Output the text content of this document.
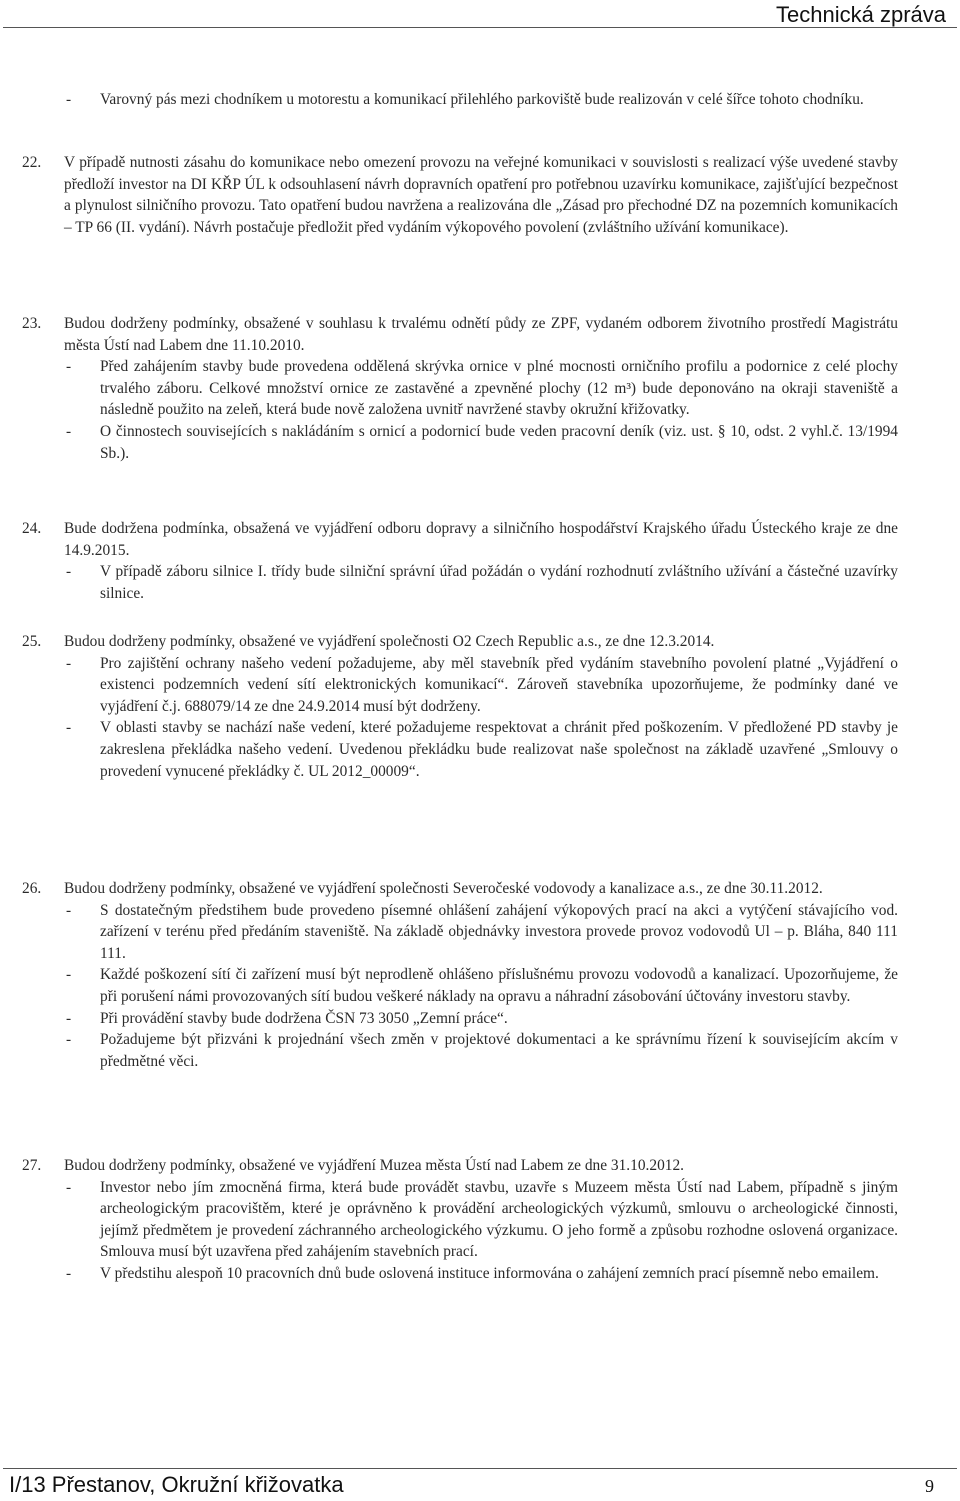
Technická zpráva
-	Varovný pás mezi chodníkem u motorestu a komunikací přilehlého parkoviště bude realizován v celé šířce tohoto chodníku.
22.	V případě nutnosti zásahu do komunikace nebo omezení provozu na veřejné komunikaci v souvislosti s realizací výše uvedené stavby předloží investor na DI KŘP ÚL k odsouhlasení návrh dopravních opatření pro potřebnou uzavírku komunikace, zajišťující bezpečnost a plynulost silničního provozu. Tato opatření budou navržena a realizována dle „Zásad pro přechodné DZ na pozemních komunikacích – TP 66 (II. vydání). Návrh postačuje předložit před vydáním výkopového povolení (zvláštního užívání komunikace).
23.	Budou dodrženy podmínky, obsažené v souhlasu k trvalému odnětí půdy ze ZPF, vydaném odborem životního prostředí Magistrátu města Ústí nad Labem dne 11.10.2010.
-	Před zahájením stavby bude provedena oddělená skrývka ornice v plné mocnosti orničního profilu a podornice z celé plochy trvalého záboru. Celkové množství ornice ze zastavěné a zpevněné plochy (12 m³) bude deponováno na okraji staveniště a následně použito na zeleň, která bude nově založena uvnitř navržené stavby okružní křižovatky.
-	O činnostech souvisejících s nakládáním s ornicí a podornicí bude veden pracovní deník (viz. ust. § 10, odst. 2 vyhl.č. 13/1994 Sb.).
24.	Bude dodržena podmínka, obsažená ve vyjádření odboru dopravy a silničního hospodářství Krajského úřadu Ústeckého kraje ze dne 14.9.2015.
-	V případě záboru silnice I. třídy bude silniční správní úřad požádán o vydání rozhodnutí zvláštního užívání a částečné uzavírky silnice.
25.	Budou dodrženy podmínky, obsažené ve vyjádření společnosti O2 Czech Republic a.s., ze dne 12.3.2014.
-	Pro zajištění ochrany našeho vedení požadujeme, aby měl stavebník před vydáním stavebního povolení platné „Vyjádření o existenci podzemních vedení sítí elektronických komunikací“. Zároveň stavebníka upozorňujeme, že podmínky dané ve vyjádření č.j. 688079/14 ze dne 24.9.2014 musí být dodrženy.
-	V oblasti stavby se nachází naše vedení, které požadujeme respektovat a chránit před poškozením. V předložené PD stavby je zakreslena překládka našeho vedení. Uvedenou překládku bude realizovat naše společnost na základě uzavřené „Smlouvy o provedení vynucené překládky č. UL 2012_00009“.
26.	Budou dodrženy podmínky, obsažené ve vyjádření společnosti Severočeské vodovody a kanalizace a.s., ze dne 30.11.2012.
-	S dostatečným předstihem bude provedeno písemné ohlášení zahájení výkopových prací na akci a vytýčení stávajícího vod. zařízení v terénu před předáním staveniště. Na základě objednávky investora provede provoz vodovodů Ul – p. Bláha, 840 111 111.
-	Každé poškození sítí či zařízení musí být neprodleně ohlášeno příslušnému provozu vodovodů a kanalizací. Upozorňujeme, že při porušení námi provozovaných sítí budou veškeré náklady na opravu a náhradní zásobování účtovány investoru stavby.
-	Při provádění stavby bude dodržena ČSN 73 3050 „Zemní práce“.
-	Požadujeme být přizváni k projednání všech změn v projektové dokumentaci a ke správnímu řízení k souvisejícím akcím v předmětné věci.
27.	Budou dodrženy podmínky, obsažené ve vyjádření Muzea města Ústí nad Labem ze dne 31.10.2012.
-	Investor nebo jím zmocněná firma, která bude provádět stavbu, uzavře s Muzeem města Ústí nad Labem, případně s jiným archeologickým pracovištěm, které je oprávněno k provádění archeologických výzkumů, smlouvu o archeologické činnosti, jejímž předmětem je provedení záchranného archeologického výzkumu. O jeho formě a způsobu rozhodne oslovená organizace. Smlouva musí být uzavřena před zahájením stavebních prací.
-	V předstihu alespoň 10 pracovních dnů bude oslovená instituce informována o zahájení zemních prací písemně nebo emailem.
I/13 Přestanov, Okružní křižovatka	9
